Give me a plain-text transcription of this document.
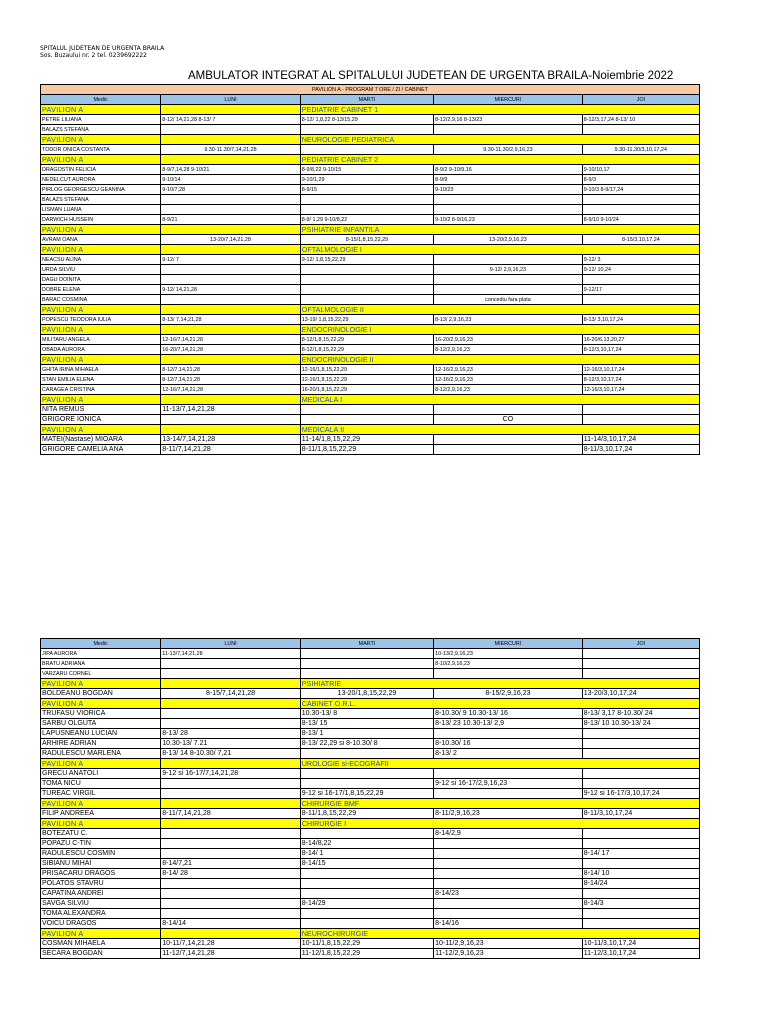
SPITALUL JUDETEAN DE URGENTA BRAILA
Sos. Buzaului nr. 2 tel. 0239692222
AMBULATOR INTEGRAT AL SPITALULUI JUDETEAN DE URGENTA BRAILA-Noiembrie 2022
PAVILION A - PROGRAM 7 ORE / ZI / CABINET				
Medic	LUNI	MARTI	MIERCURI	JOI
PAVILION A		PEDIATRIE CABINET 1		
PETRE LILIANA	8-12/ 14,21,28 8-13/ 7	8-12/ 1,8,22 8-13/15,29	8-12/2,9,16 8-13/23	8-12/3,17,24 8-13/ 10
BALAZS STEFANA				
PAVILION A		NEUROLOGIE PEDIATRICA		
TODOR ONICA COSTANTA	9.30-11.30/7,14,21,28		9.30-11.30/2,9,16,23	9.30-11.30/3,10,17,24
PAVILION A		PEDIATRIE CABINET 2		
DRAGOSTIN FELICIA	8-9/7,14,28 9-10/21	8-9/8,22 9-10/15	8-9/2 9-10/9,16	9-10/10,17
NEDELCUT AURORA	9-10/14	9-10/1,29	8-9/9	8-9/3
PIRLOG GEORGESCU GEANINA	9-10/7,28	8-9/15	9-10/23	9-10/3 8-9/17,24
BALAZS STEFANA				
LISMAN LUANA				
DARWICH HUSSEIN	8-9/21	8-9/ 1,29 9-10/8,22	9-10/2 8-9/16,23	8-9/10 9-10/24
PAVILION A		PSIHIATRIE INFANTILA		
AVRAM OANA	13-20/7,14,21,28	8-15/1,8,15,22,29	13-20/2,9,16,23	8-15/3,10,17,24
PAVILION A		OFTALMOLOGIE I		
NEACSU ALINA	9-12/ 7	9-12/ 1,8,15,22,29		9-12/ 3
URDA SILVIU			9-12/ 2,9,16,23	9-12/ 10,24
DAGU DOINITA				
DOBRE ELENA	9-12/ 14,21,28			9-12/17
BARAC COSMINA			concediu fara plata	
PAVILION A		OFTALMOLOGIE II		
POPESCU TEODORA IULIA	8-13/ 7,14,21,28	13-19/ 1,8,15,22,29	8-13/ 2,9,16,23	8-13/ 3,10,17,24
PAVILION A		ENDOCRINOLOGIE I		
MILITARU ANGELA	12-16/7,14,21,28	8-12/1,8,15,22,29	16-20/2,9,16,23	16-20/6,13,20,27
OBADA AURORA	16-20/7,14,21,28	8-12/1,8,15,22,29	8-12/2,9,16,23	8-12/3,10,17,24
PAVILION A		ENDOCRINOLOGIE II		
GHITA IRINA MIHAELA	8-12/7,14,21,28	12-16/1,8,15,22,29	12-16/2,9,16,23	12-16/3,10,17,24
STAN EMILIA ELENA	8-12/7,14,21,28	12-16/1,8,15,22,29	12-16/2,9,16,23	8-12/3,10,17,24
CARAGEA CRISTINA	12-16/7,14,21,28	16-20/1,8,15,22,29	8-12/2,9,16,23	12-16/3,10,17,24
PAVILION A		MEDICALA I		
NITA REMUS	11-13/7,14,21,28			
GRIGORE IONICA			CO	
PAVILION A		MEDICALA II		
MATEI(Nastase) MIOARA	13-14/7,14,21,28	11-14/1,8,15,22,29		11-14/3,10,17,24
GRIGORE CAMELIA ANA	8-11/7,14,21,28	8-11/1,8,15,22,29		8-11/3,10,17,24
Medic	LUNI	MARTI	MIERCURI	JOI
JIPA AURORA	11-13/7,14,21,28		10-13/2,9,16,23	
BRATU ADRIANA			8-10/2,9,16,23	
VARZARU CORNEL				
PAVILION A		PSIHIATRIE		
BOLDEANU BOGDAN	8-15/7,14,21,28	13-20/1,8,15,22,29	8-15/2,9,16,23	13-20/3,10,17,24
PAVILION A		CABINET O.R.L.		
TRUFASU VIORICA		10.30-13/ 8	8-10.30/ 9 10.30-13/ 16	8-13/ 3,17 8-10.30/ 24
SARBU OLGUTA		8-13/ 15	8-13/ 23 10.30-13/ 2,9	8-13/ 10 10.30-13/ 24
LAPUSNEANU LUCIAN	8-13/ 28	8-13/ 1		
ARHIRE ADRIAN	10.30-13/ 7.21	8-13/ 22,29 si 8-10.30/ 8	8-10.30/ 16	
RADULESCU MARLENA	8-13/ 14 8-10.30/ 7,21		8-13/ 2	
PAVILION A		UROLOGIE si-ECOGRAFII		
GRECU ANATOLI	9-12 si 16-17/7,14,21,28			
TOMA NICU			9-12 si 16-17/2,9,16,23	
TUREAC VIRGIL		9-12 si 16-17/1,8,15,22,29		9-12 si 16-17/3,10,17,24
PAVILION A		CHIRURGIE BMF		
FILIP ANDREEA	8-11/7,14,21,28	8-11/1,8,15,22,29	8-11/2,9,16,23	8-11/3,10,17,24
PAVILION A		CHIRURGIE I		
BOTEZATU C.			8-14/2,9	
POPAZU C-TIN		8-14/8,22		
RADULESCU COSMIN		8-14/ 1		8-14/ 17
SIBIANU MIHAI	8-14/7,21	8-14/15		
PRISACARU DRAGOS	8-14/ 28			8-14/ 10
POLATOS STAVRU				8-14/24
CAPATINA ANDREI			8-14/23	
SAVGA SILVIU		8-14/29		8-14/3
TOMA ALEXANDRA				
VOICU DRAGOS	8-14/14		8-14/16	
PAVILION A		NEUROCHIRURGIE		
COSMAN MIHAELA	10-11/7,14,21,28	10-11/1,8,15,22,29	10-11/2,9,16,23	10-11/3,10,17,24
SECARA BOGDAN	11-12/7,14,21,28	11-12/1,8,15,22,29	11-12/2,9,16,23	11-12/3,10,17,24
